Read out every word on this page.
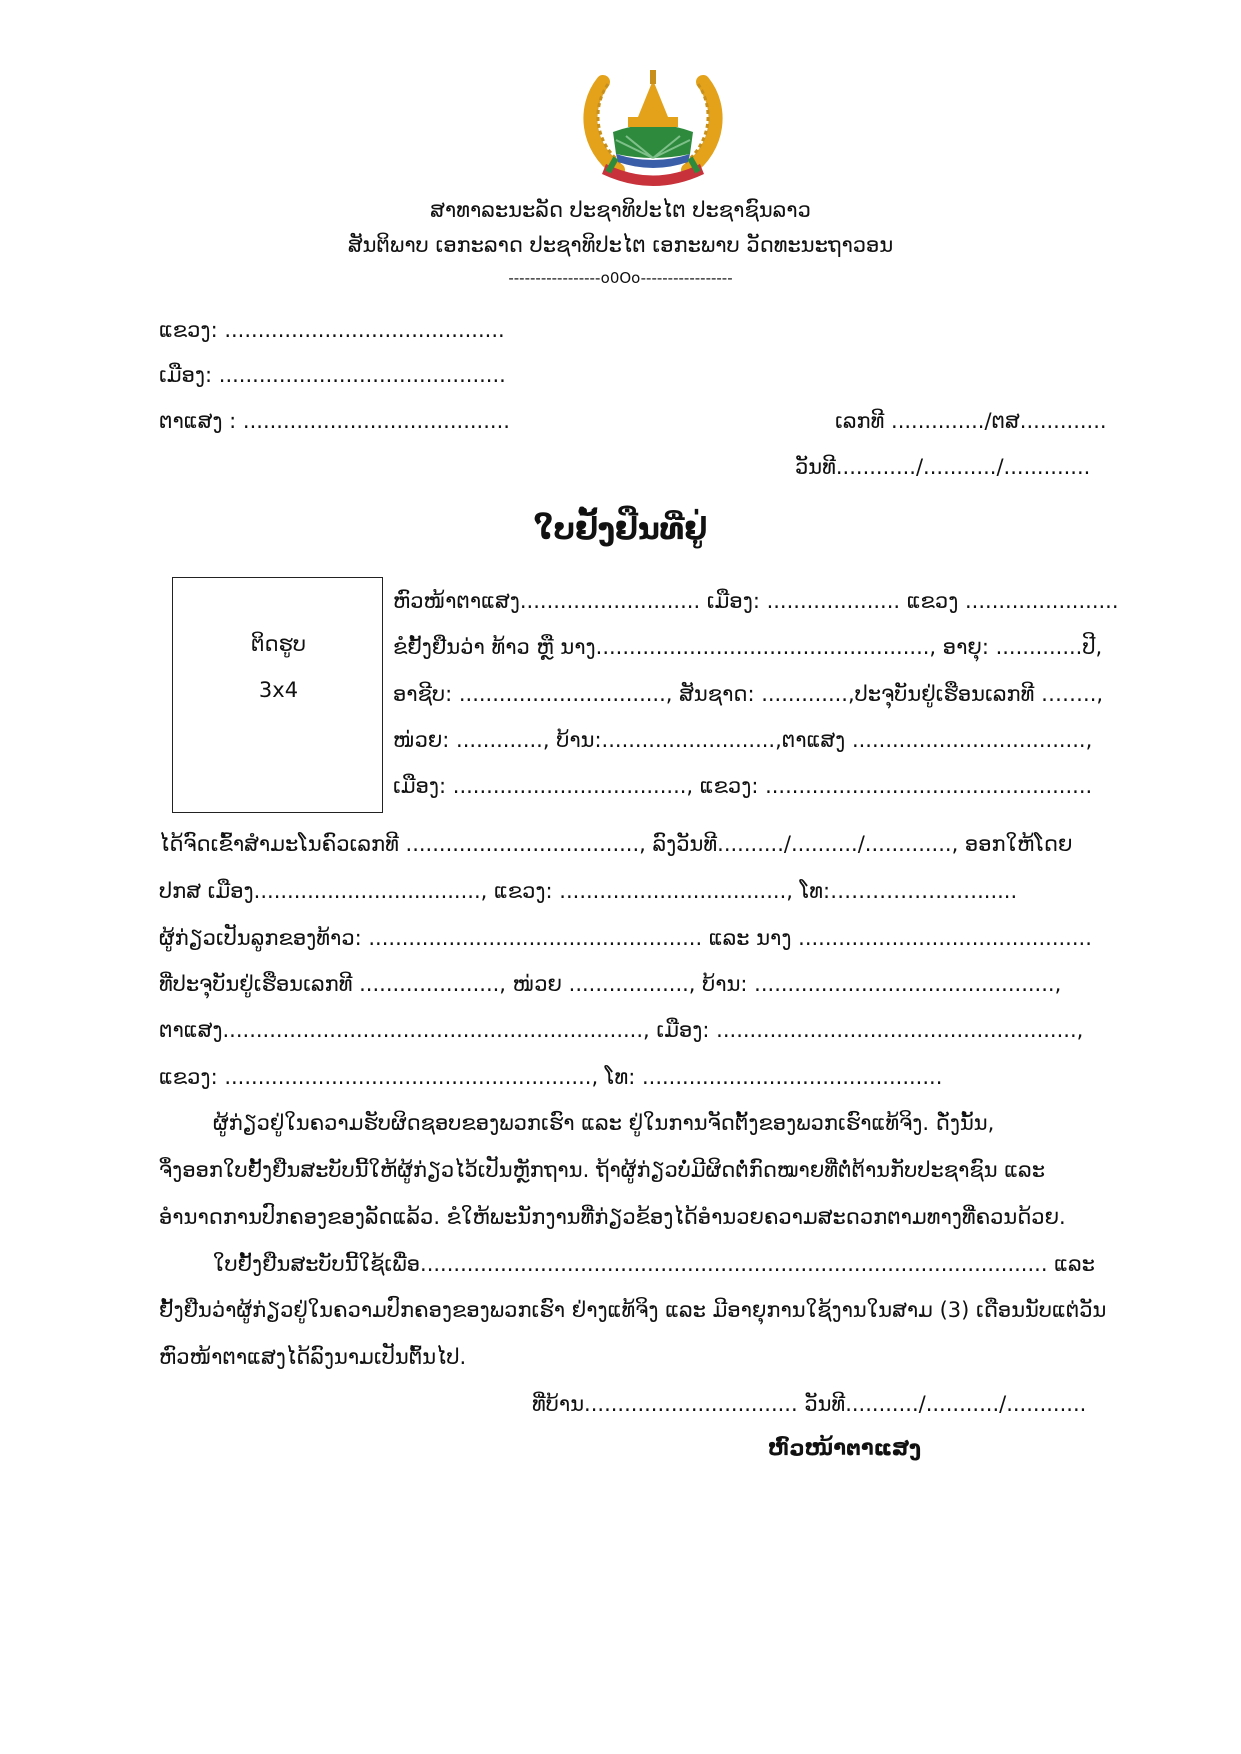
ສາທາລະນະລັດ ປະຊາທິປະໄຕ ປະຊາຊົນລາວ
ສັນຕິພາບ ເອກະລາດ ປະຊາທິປະໄຕ ເອກະພາບ ວັດທະນະຖາວອນ
-----------------o0Oo-----------------
ແຂວງ: ..........................................
ເມືອງ: ...........................................
ຕາແສງ : ........................................	ເລກທີ ............../ຕສ.............
ວັນທີ............/.........../.............
ໃບຢັ້ງຢືນທີ່ຢູ່
ຕິດຮູບ
3x4
ຫົວໜ້າຕາແສງ........................... ເມືອງ: .................... ແຂວງ .......................
ຂໍຢັ້ງຢືນວ່າ ທ້າວ ຫຼື ນາງ.................................................., ອາຍຸ: .............ປີ,
ອາຊີບ: ..............................., ສັນຊາດ: .............,ປະຈຸບັນຢູ່ເຮືອນເລກທີ ……..,
ໜ່ວຍ: ............., ບ້ານ:..........................,ຕາແສງ ...................................,
ເມືອງ: ..................................., ແຂວງ: .................................................
ໄດ້ຈົດເຂົ້າສຳມະໂນຄົວເລກທີ ..................................., ລົງວັນທີ........../........../............., ອອກໃຫ້ໂດຍ
ປກສ ເມືອງ.................................., ແຂວງ: .................................., ໂທ:…………………......
ຜູ້ກ່ຽວເປັນລູກຂອງທ້າວ: .................................................. ແລະ ນາງ ............................................
ທີ່ປະຈຸບັນຢູ່ເຮືອນເລກທີ ....................., ໜ່ວຍ .................., ບ້ານ: .............................................,
ຕາແສງ..............................................................., ເມືອງ: ......................................................,
ແຂວງ: ......................................................., ໂທ: .............................................
ຜູ້ກ່ຽວຢູ່ໃນຄວາມຮັບຜິດຊອບຂອງພວກເຮົາ ແລະ ຢູ່ໃນການຈັດຕັ້ງຂອງພວກເຮົາແທ້ຈິງ. ດັ່ງນັ້ນ,
ຈຶ່ງອອກໃບຢັ້ງຢືນສະບັບນີ້ໃຫ້ຜູ້ກ່ຽວໄວ້ເປັນຫຼັກຖານ. ຖ້າຜູ້ກ່ຽວບໍ່ມີຜິດຕໍ່ກົດໝາຍທີ່ຕໍ່ຕ້ານກັບປະຊາຊົນ ແລະ
ອຳນາດການປົກຄອງຂອງລັດແລ້ວ. ຂໍໃຫ້ພະນັກງານທີ່ກ່ຽວຂ້ອງໄດ້ອຳນວຍຄວາມສະດວກຕາມທາງທີ່ຄວນດ້ວຍ.
ໃບຢັ້ງຢືນສະບັບນີ້ໃຊ້ເພື່ອ.............................................................................................. ແລະ
ຢັ້ງຢືນວ່າຜູ້ກ່ຽວຢູ່ໃນຄວາມປົກຄອງຂອງພວກເຮົາ ຢ່າງແທ້ຈິງ ແລະ ມີອາຍຸການໃຊ້ງານໃນສາມ (3) ເດືອນນັບແຕ່ວັນ
ຫົວໜ້າຕາແສງໄດ້ລົງນາມເປັນຕົ້ນໄປ.
ທີ່ບ້ານ................................ ວັນທີ.........../.........../............
ຫົວໜ້າຕາແສງ
